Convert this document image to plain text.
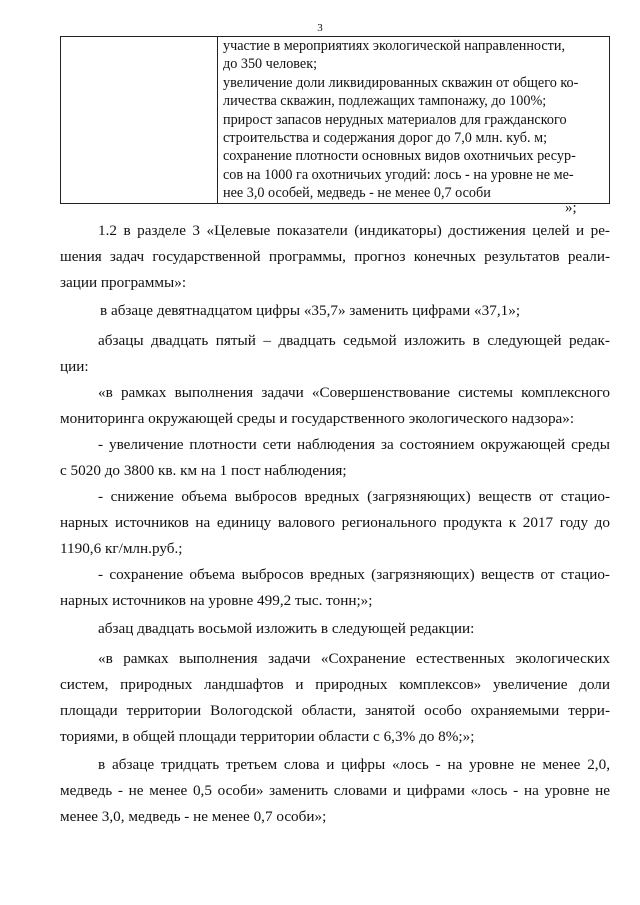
3

участие в мероприятиях экологической направленности,
до 350 человек;
увеличение доли ликвидированных скважин от общего ко-
личества скважин, подлежащих тампонажу, до 100%;
прирост запасов нерудных материалов для гражданского
строительства и содержания дорог до 7,0 млн. куб. м;
сохранение плотности основных видов охотничьих ресур-
сов на 1000 га охотничьих угодий: лось - на уровне не ме-
нее 3,0 особей, медведь - не менее 0,7 особи
»;
1.2 в разделе 3 «Целевые показатели (индикаторы) достижения целей и ре-
шения задач государственной программы, прогноз конечных результатов реали-
зации программы»:
в абзаце девятнадцатом цифры «35,7» заменить цифрами «37,1»;
абзацы двадцать пятый – двадцать седьмой изложить в следующей редак-
ции:
«в рамках выполнения задачи «Совершенствование системы комплексного
мониторинга окружающей среды и государственного экологического надзора»:
- увеличение плотности сети наблюдения за состоянием окружающей среды
с 5020 до 3800 кв. км на 1 пост наблюдения;
- снижение объема выбросов вредных (загрязняющих) веществ от стацио-
нарных источников на единицу валового регионального продукта к 2017 году до
1190,6 кг/млн.руб.;
- сохранение объема выбросов вредных (загрязняющих) веществ от стацио-
нарных источников на уровне 499,2 тыс. тонн;»;
абзац двадцать восьмой изложить в следующей редакции:
«в рамках выполнения задачи «Сохранение естественных экологических
систем, природных ландшафтов и природных комплексов» увеличение доли
площади территории Вологодской области, занятой особо охраняемыми терри-
ториями, в общей площади территории области с 6,3% до 8%;»;
в абзаце тридцать третьем слова и цифры «лось - на уровне не менее 2,0,
медведь - не менее 0,5 особи» заменить словами и цифрами «лось - на уровне не
менее 3,0, медведь - не менее 0,7 особи»;
